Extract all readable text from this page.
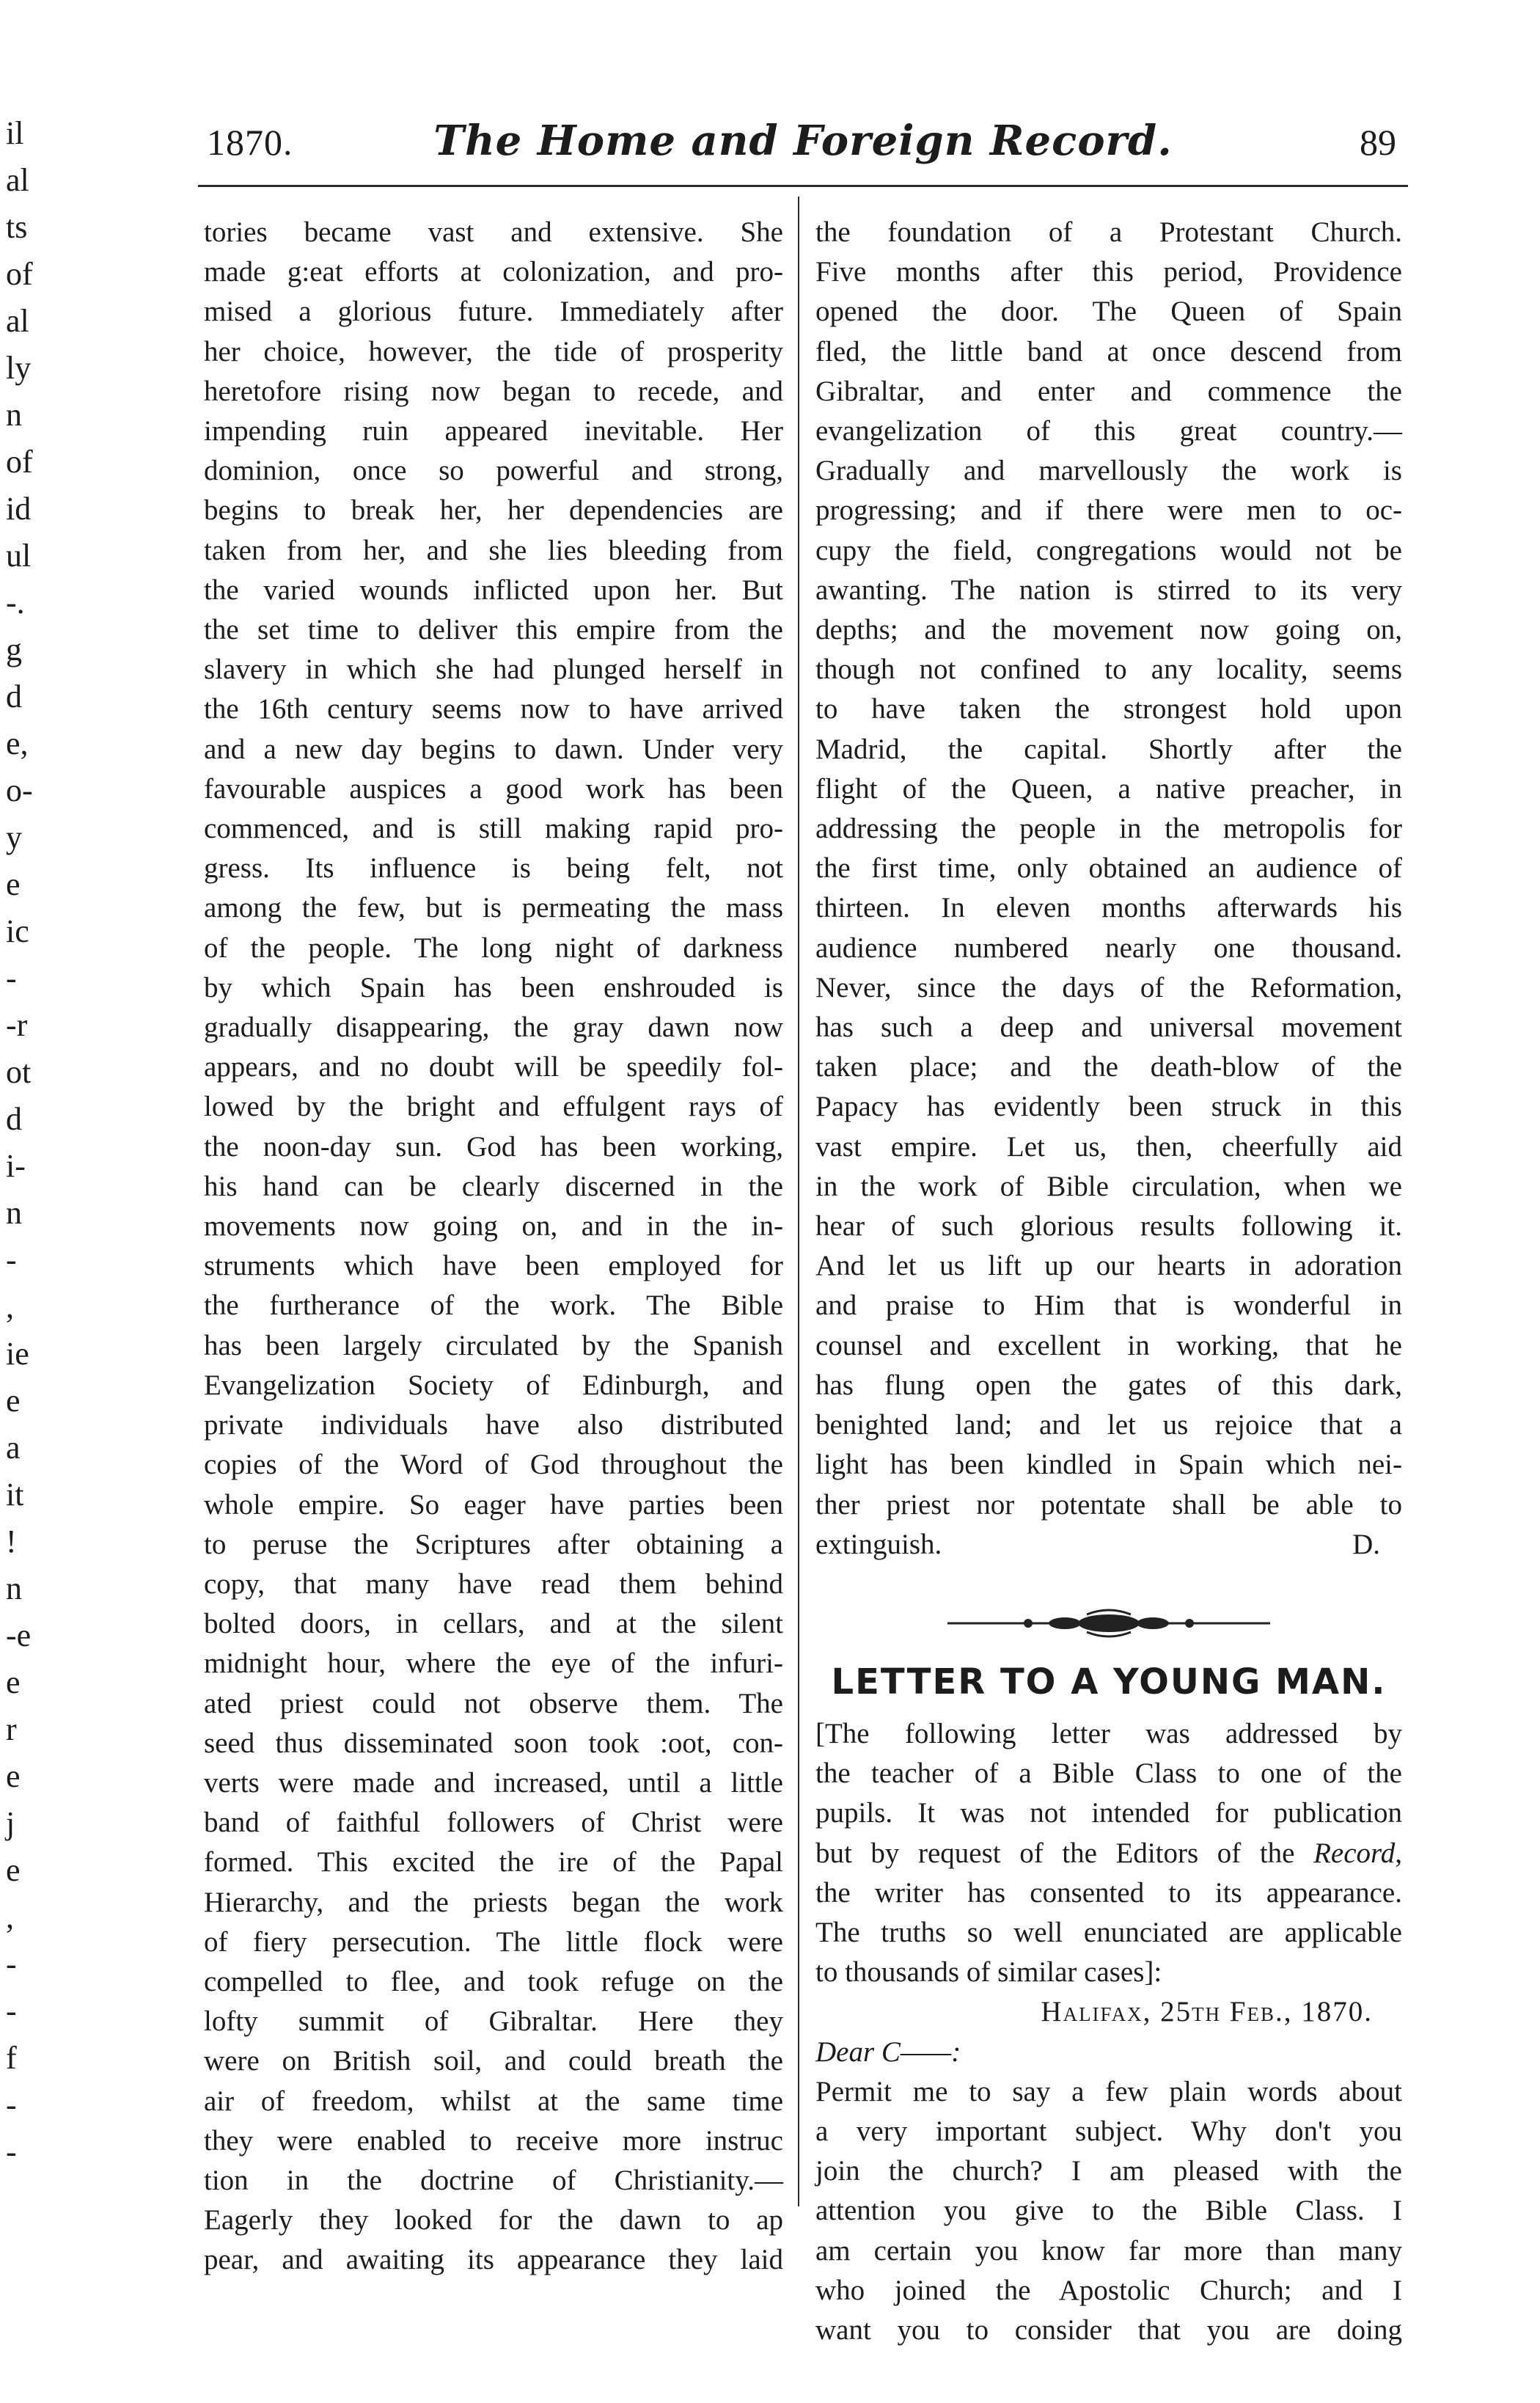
il
al
ts
of
al
ly
n
of
id
ul
-.
g
d
e,
o-
y
e
ic
-
-r
ot
d
i-
n
-
,
ie
e
a
it
!
n
-e
e
r
e
j
e
,
-
-
f
-
-
1870.	The Home and Foreign Record.	89
tories became vast and extensive. She
made g:eat efforts at colonization, and pro-
mised a glorious future. Immediately after
her choice, however, the tide of prosperity
heretofore rising now began to recede, and
impending ruin appeared inevitable. Her
dominion, once so powerful and strong,
begins to break her, her dependencies are
taken from her, and she lies bleeding from
the varied wounds inflicted upon her. But
the set time to deliver this empire from the
slavery in which she had plunged herself in
the 16th century seems now to have arrived
and a new day begins to dawn. Under very
favourable auspices a good work has been
commenced, and is still making rapid pro-
gress. Its influence is being felt, not
among the few, but is permeating the mass
of the people. The long night of darkness
by which Spain has been enshrouded is
gradually disappearing, the gray dawn now
appears, and no doubt will be speedily fol-
lowed by the bright and effulgent rays of
the noon-day sun. God has been working,
his hand can be clearly discerned in the
movements now going on, and in the in-
struments which have been employed for
the furtherance of the work. The Bible
has been largely circulated by the Spanish
Evangelization Society of Edinburgh, and
private individuals have also distributed
copies of the Word of God throughout the
whole empire. So eager have parties been
to peruse the Scriptures after obtaining a
copy, that many have read them behind
bolted doors, in cellars, and at the silent
midnight hour, where the eye of the infuri-
ated priest could not observe them. The
seed thus disseminated soon took :oot, con-
verts were made and increased, until a little
band of faithful followers of Christ were
formed. This excited the ire of the Papal
Hierarchy, and the priests began the work
of fiery persecution. The little flock were
compelled to flee, and took refuge on the
lofty summit of Gibraltar. Here they
were on British soil, and could breath the
air of freedom, whilst at the same time
they were enabled to receive more instruc
tion in the doctrine of Christianity.—
Eagerly they looked for the dawn to ap
pear, and awaiting its appearance they laid
the foundation of a Protestant Church.
Five months after this period, Providence
opened the door. The Queen of Spain
fled, the little band at once descend from
Gibraltar, and enter and commence the
evangelization of this great country.—
Gradually and marvellously the work is
progressing; and if there were men to oc-
cupy the field, congregations would not be
awanting. The nation is stirred to its very
depths; and the movement now going on,
though not confined to any locality, seems
to have taken the strongest hold upon
Madrid, the capital. Shortly after the
flight of the Queen, a native preacher, in
addressing the people in the metropolis for
the first time, only obtained an audience of
thirteen. In eleven months afterwards his
audience numbered nearly one thousand.
Never, since the days of the Reformation,
has such a deep and universal movement
taken place; and the death-blow of the
Papacy has evidently been struck in this
vast empire. Let us, then, cheerfully aid
in the work of Bible circulation, when we
hear of such glorious results following it.
And let us lift up our hearts in adoration
and praise to Him that is wonderful in
counsel and excellent in working, that he
has flung open the gates of this dark,
benighted land; and let us rejoice that a
light has been kindled in Spain which nei-
ther priest nor potentate shall be able to
extinguish.	D.
LETTER TO A YOUNG MAN.
[The following letter was addressed by
the teacher of a Bible Class to one of the
pupils. It was not intended for publication
but by request of the Editors of the Record,
the writer has consented to its appearance.
The truths so well enunciated are applicable
to thousands of similar cases]:
Halifax, 25th Feb., 1870.
Dear C——:
Permit me to say a few plain words about
a very important subject. Why don't you
join the church? I am pleased with the
attention you give to the Bible Class. I
am certain you know far more than many
who joined the Apostolic Church; and I
want you to consider that you are doing
